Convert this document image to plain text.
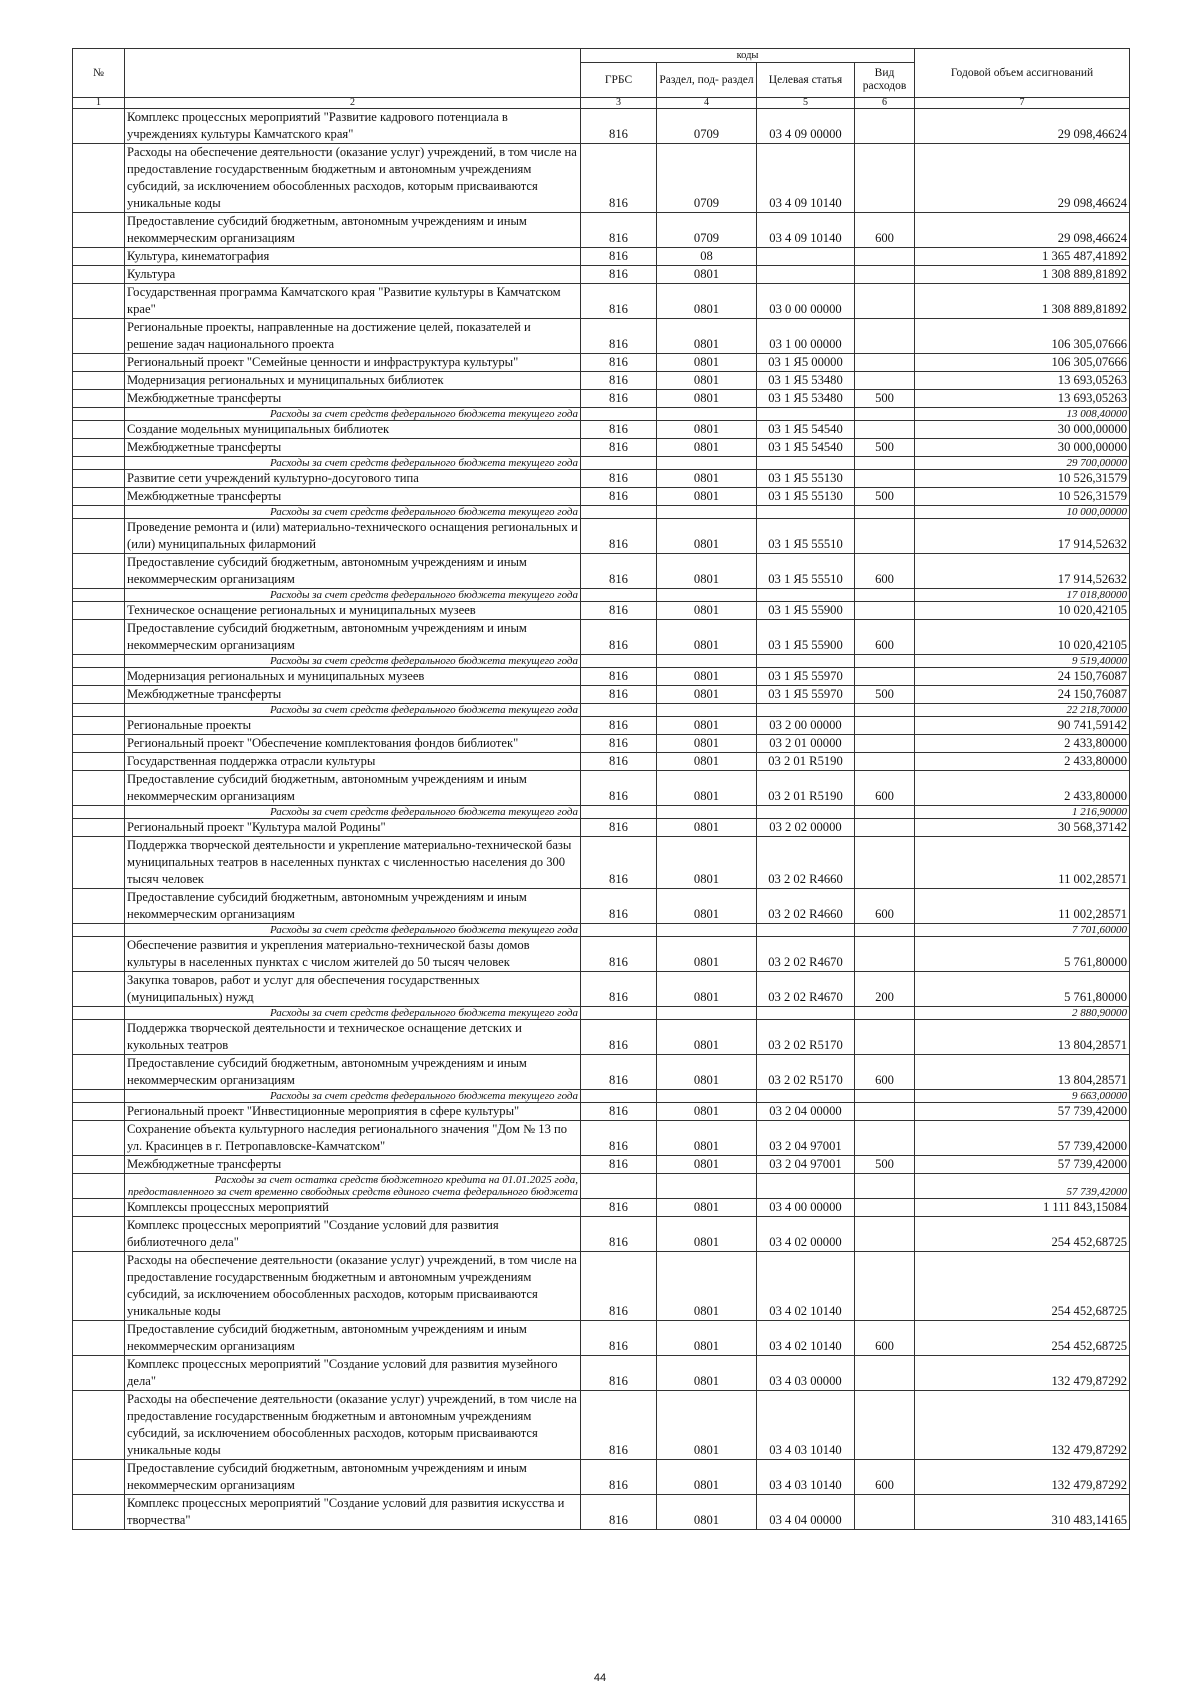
№		коды				Годовой объем ассигнований
		ГРБС	Раздел, под- раздел	Целевая статья	Вид расходов	
1	2	3	4	5	6	7
	Комплекс процессных мероприятий "Развитие кадрового потенциала в учреждениях культуры Камчатского края"	816	0709	03 4 09 00000		29 098,46624
	Расходы на обеспечение деятельности (оказание услуг) учреждений, в том числе на предоставление государственным бюджетным и автономным учреждениям субсидий, за исключением обособленных расходов, которым присваиваются уникальные коды	816	0709	03 4 09 10140		29 098,46624
	Предоставление субсидий бюджетным, автономным учреждениям и иным некоммерческим организациям	816	0709	03 4 09 10140	600	29 098,46624
	Культура, кинематография	816	08			1 365 487,41892
	Культура	816	0801			1 308 889,81892
	Государственная программа Камчатского края "Развитие культуры в Камчатском крае"	816	0801	03 0 00 00000		1 308 889,81892
	Региональные проекты, направленные на достижение целей, показателей и решение задач национального проекта	816	0801	03 1 00 00000		106 305,07666
	Региональный проект "Семейные ценности и инфраструктура культуры"	816	0801	03 1 Я5 00000		106 305,07666
	Модернизация региональных и муниципальных библиотек	816	0801	03 1 Я5 53480		13 693,05263
	Межбюджетные трансферты	816	0801	03 1 Я5 53480	500	13 693,05263
	Расходы за счет средств федерального бюджета текущего года					13 008,40000
	Создание модельных муниципальных библиотек	816	0801	03 1 Я5 54540		30 000,00000
	Межбюджетные трансферты	816	0801	03 1 Я5 54540	500	30 000,00000
	Расходы за счет средств федерального бюджета текущего года					29 700,00000
	Развитие сети учреждений культурно-досугового типа	816	0801	03 1 Я5 55130		10 526,31579
	Межбюджетные трансферты	816	0801	03 1 Я5 55130	500	10 526,31579
	Расходы за счет средств федерального бюджета текущего года					10 000,00000
	Проведение ремонта и (или) материально-технического оснащения региональных и (или) муниципальных филармоний	816	0801	03 1 Я5 55510		17 914,52632
	Предоставление субсидий бюджетным, автономным учреждениям и иным некоммерческим организациям	816	0801	03 1 Я5 55510	600	17 914,52632
	Расходы за счет средств федерального бюджета текущего года					17 018,80000
	Техническое оснащение региональных и муниципальных музеев	816	0801	03 1 Я5 55900		10 020,42105
	Предоставление субсидий бюджетным, автономным учреждениям и иным некоммерческим организациям	816	0801	03 1 Я5 55900	600	10 020,42105
	Расходы за счет средств федерального бюджета текущего года					9 519,40000
	Модернизация региональных и муниципальных музеев	816	0801	03 1 Я5 55970		24 150,76087
	Межбюджетные трансферты	816	0801	03 1 Я5 55970	500	24 150,76087
	Расходы за счет средств федерального бюджета текущего года					22 218,70000
	Региональные проекты	816	0801	03 2 00 00000		90 741,59142
	Региональный проект "Обеспечение комплектования фондов библиотек"	816	0801	03 2 01 00000		2 433,80000
	Государственная поддержка отрасли культуры	816	0801	03 2 01 R5190		2 433,80000
	Предоставление субсидий бюджетным, автономным учреждениям и иным некоммерческим организациям	816	0801	03 2 01 R5190	600	2 433,80000
	Расходы за счет средств федерального бюджета текущего года					1 216,90000
	Региональный проект "Культура малой Родины"	816	0801	03 2 02 00000		30 568,37142
	Поддержка творческой деятельности и укрепление материально-технической базы муниципальных театров в населенных пунктах с численностью населения до 300 тысяч человек	816	0801	03 2 02 R4660		11 002,28571
	Предоставление субсидий бюджетным, автономным учреждениям и иным некоммерческим организациям	816	0801	03 2 02 R4660	600	11 002,28571
	Расходы за счет средств федерального бюджета текущего года					7 701,60000
	Обеспечение развития и укрепления материально-технической базы домов культуры в населенных пунктах с числом жителей до 50 тысяч человек	816	0801	03 2 02 R4670		5 761,80000
	Закупка товаров, работ и услуг для обеспечения государственных (муниципальных) нужд	816	0801	03 2 02 R4670	200	5 761,80000
	Расходы за счет средств федерального бюджета текущего года					2 880,90000
	Поддержка творческой деятельности и техническое оснащение детских и кукольных театров	816	0801	03 2 02 R5170		13 804,28571
	Предоставление субсидий бюджетным, автономным учреждениям и иным некоммерческим организациям	816	0801	03 2 02 R5170	600	13 804,28571
	Расходы за счет средств федерального бюджета текущего года					9 663,00000
	Региональный проект "Инвестиционные мероприятия в сфере культуры"	816	0801	03 2 04 00000		57 739,42000
	Сохранение объекта культурного наследия регионального значения "Дом № 13 по ул. Красинцев в г. Петропавловске-Камчатском"	816	0801	03 2 04 97001		57 739,42000
	Межбюджетные трансферты	816	0801	03 2 04 97001	500	57 739,42000
	Расходы за счет остатка средств бюджетного кредита на 01.01.2025 года, предоставленного за счет временно свободных средств единого счета федерального бюджета					57 739,42000
	Комплексы процессных мероприятий	816	0801	03 4 00 00000		1 111 843,15084
	Комплекс процессных мероприятий "Создание условий для развития библиотечного дела"	816	0801	03 4 02 00000		254 452,68725
	Расходы на обеспечение деятельности (оказание услуг) учреждений, в том числе на предоставление государственным бюджетным и автономным учреждениям субсидий, за исключением обособленных расходов, которым присваиваются уникальные коды	816	0801	03 4 02 10140		254 452,68725
	Предоставление субсидий бюджетным, автономным учреждениям и иным некоммерческим организациям	816	0801	03 4 02 10140	600	254 452,68725
	Комплекс процессных мероприятий "Создание условий для развития музейного дела"	816	0801	03 4 03 00000		132 479,87292
	Расходы на обеспечение деятельности (оказание услуг) учреждений, в том числе на предоставление государственным бюджетным и автономным учреждениям субсидий, за исключением обособленных расходов, которым присваиваются уникальные коды	816	0801	03 4 03 10140		132 479,87292
	Предоставление субсидий бюджетным, автономным учреждениям и иным некоммерческим организациям	816	0801	03 4 03 10140	600	132 479,87292
	Комплекс процессных мероприятий "Создание условий для развития искусства и творчества"	816	0801	03 4 04 00000		310 483,14165
44
